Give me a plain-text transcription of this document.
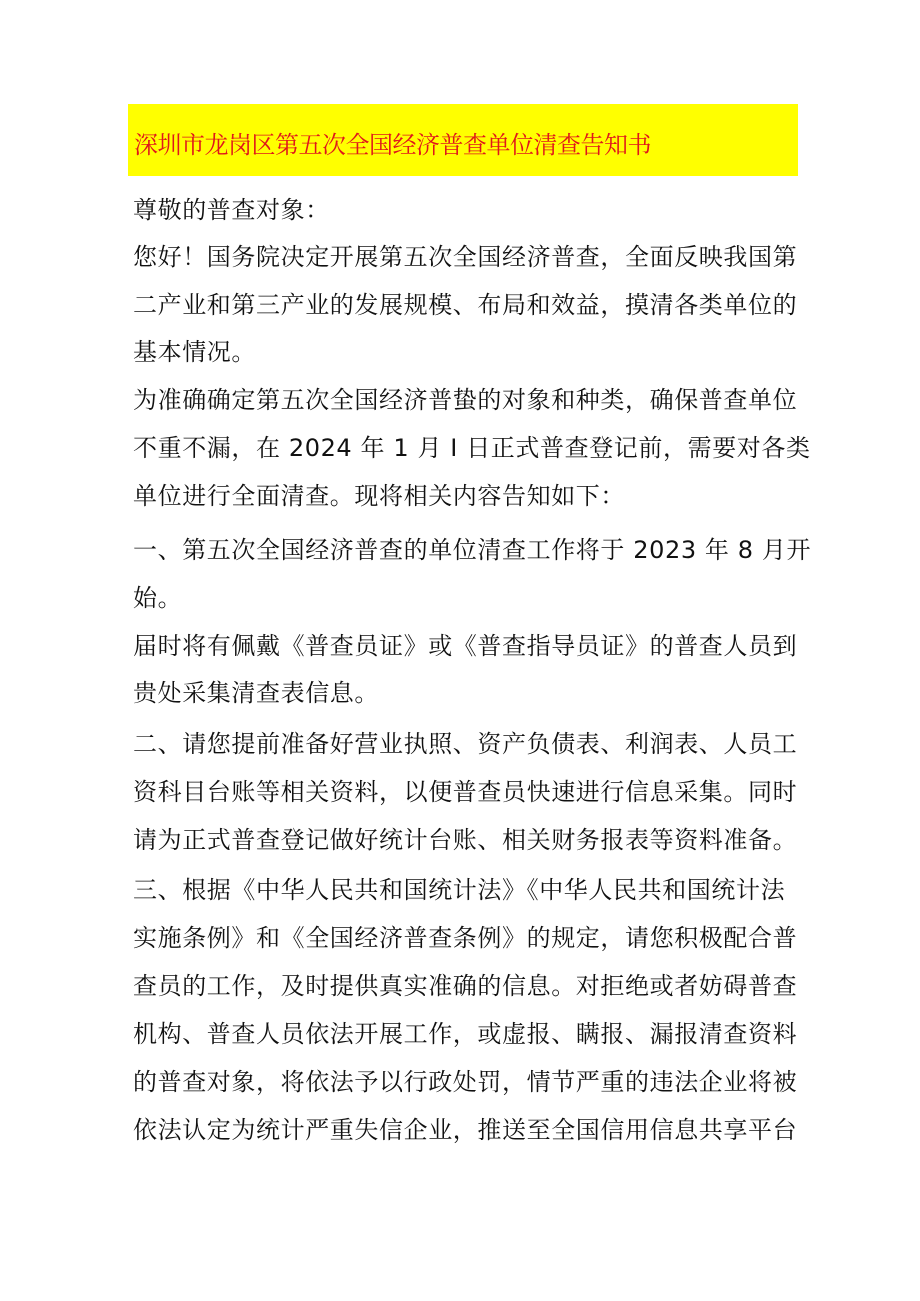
深圳市龙岗区第五次全国经济普查单位清查告知书
尊敬的普查对象：
您好！国务院决定开展第五次全国经济普查，全面反映我国第
二产业和第三产业的发展规模、布局和效益，摸清各类单位的
基本情况。
为准确确定第五次全国经济普蛰的对象和种类，确保普查单位
不重不漏，在 2024 年 1 月 I 日正式普查登记前，需要对各类
单位进行全面清查。现将相关内容告知如下：
一、第五次全国经济普查的单位清查工作将于 2023 年 8 月开
始。
届时将有佩戴《普查员证》或《普查指导员证》的普查人员到
贵处采集清查表信息。
二、请您提前准备好营业执照、资产负债表、利润表、人员工
资科目台账等相关资料，以便普查员快速进行信息采集。同时
请为正式普查登记做好统计台账、相关财务报表等资料准备。
三、根据《中华人民共和国统计法》《中华人民共和国统计法
实施条例》和《全国经济普查条例》的规定，请您积极配合普
查员的工作，及时提供真实准确的信息。对拒绝或者妨碍普查
机构、普查人员依法开展工作，或虚报、瞒报、漏报清查资料
的普查对象，将依法予以行政处罚，情节严重的违法企业将被
依法认定为统计严重失信企业，推送至全国信用信息共享平台
